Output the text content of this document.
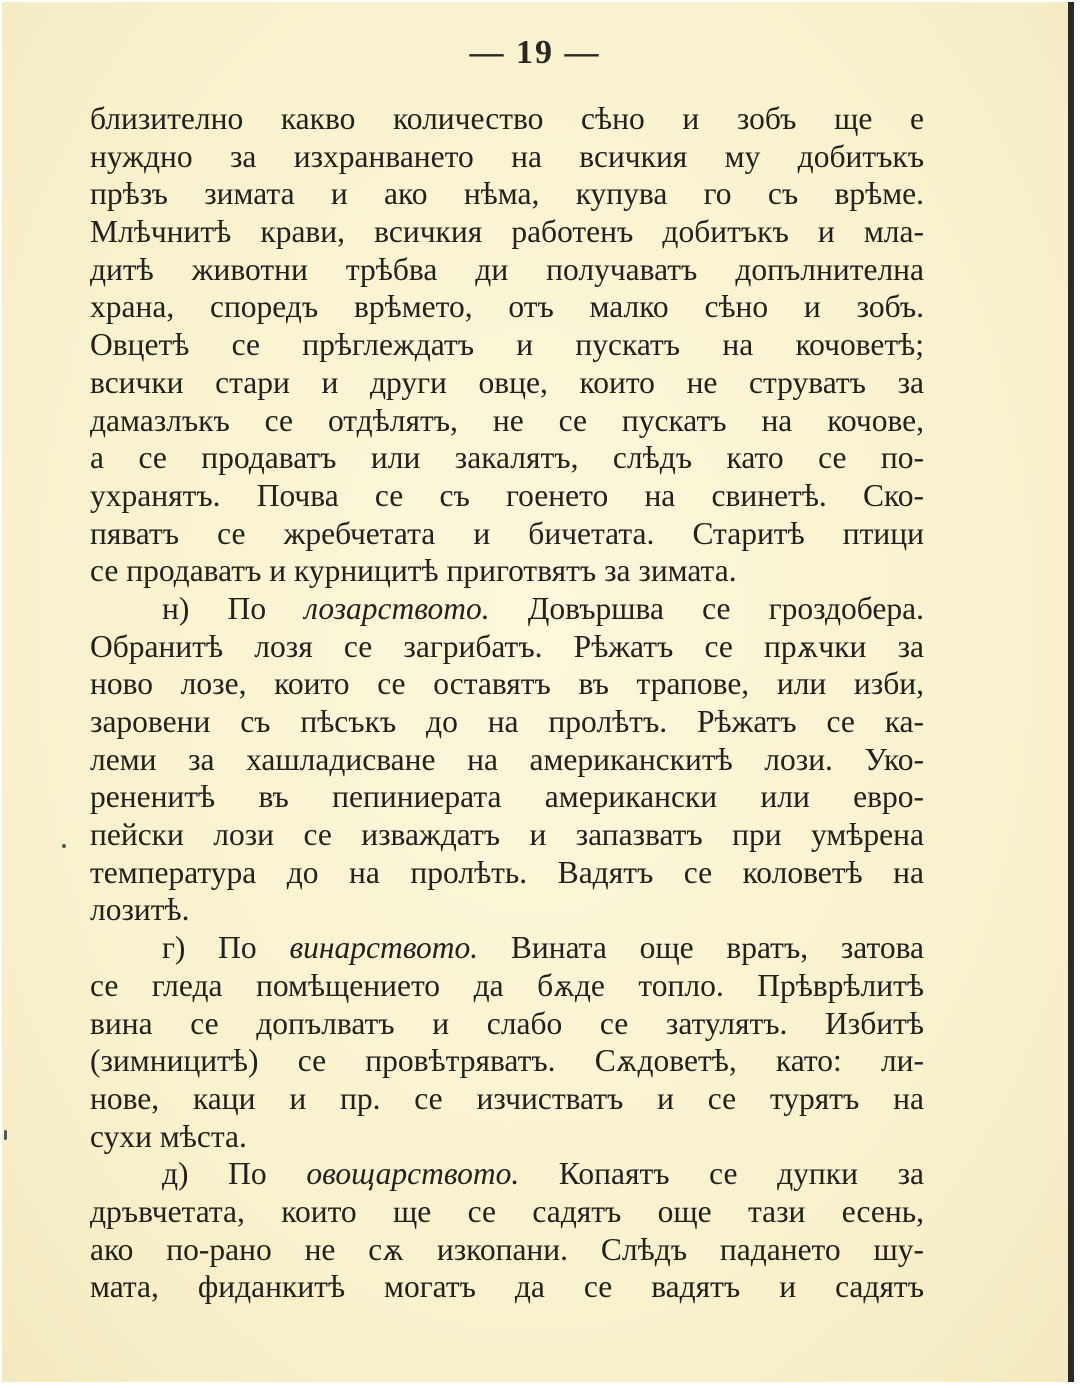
— 19 —
близително какво количество сѣно и зобъ ще е
нуждно за изхранването на всичкия му добитъкъ
прѣзъ зимата и ако нѣма, купува го съ врѣме.
Млѣчнитѣ крави, всичкия работенъ добитъкъ и мла-
дитѣ животни трѣбва ди получаватъ допълнителна
храна, споредъ врѣмето, отъ малко сѣно и зобъ.
Овцетѣ се прѣглеждатъ и пускатъ на кочоветѣ;
всички стари и други овце, които не струватъ за
дамазлъкъ се отдѣлятъ, не се пускатъ на кочове,
а се продаватъ или закалятъ, слѣдъ като се по-
ухранятъ. Почва се съ гоенето на свинетѣ. Ско-
пяватъ се жребчетата и бичетата. Старитѣ птици
се продаватъ и курницитѣ приготвятъ за зимата.
н) По лозарството. Довършва се гроздобера.
Обранитѣ лозя се загрибатъ. Рѣжатъ се прѫчки за
ново лозе, които се оставятъ въ трапове, или изби,
заровени съ пѣсъкъ до на пролѣтъ. Рѣжатъ се ка-
леми за хашладисване на американскитѣ лози. Уко-
рененитѣ въ пепиниерата американски или евро-
пейски лози се изваждатъ и запазватъ при умѣрена
температура до на пролѣть. Вадятъ се коловетѣ на
лозитѣ.
г) По винарството. Вината още вратъ, затова
се гледа помѣщението да бѫде топло. Прѣврѣлитѣ
вина се допълватъ и слабо се затулятъ. Избитѣ
(зимницитѣ) се провѣтряватъ. Сѫдоветѣ, като: ли-
нове, каци и пр. се изчистватъ и се турятъ на
сухи мѣста.
д) По овощарството. Копаятъ се дупки за
дръвчетата, които ще се садятъ още тази есень,
ако по-рано не сѫ изкопани. Слѣдъ падането шу-
мата, фиданкитѣ могатъ да се вадятъ и садятъ
